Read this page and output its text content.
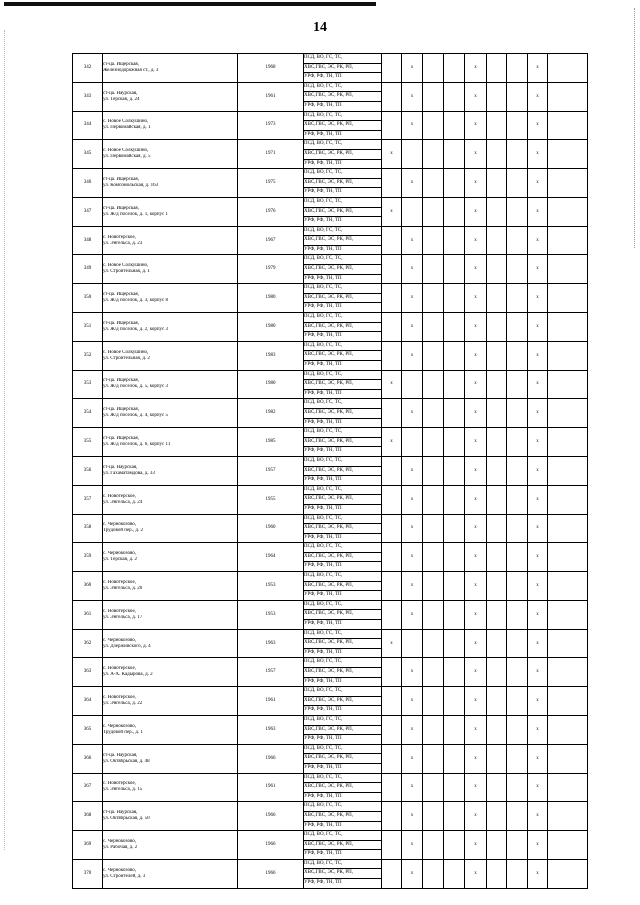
14
342	ст-ца. Ищерская,
Железнодорожная ст., д. 3	1968	ПСД, ВО, ГС, ТС,
ХВС,ГВС, ЭС, РК, РП,
УРФ, РФ, ТН, ТП		x			x			x	
343	ст-ца. Наурская,
ул. Терская, д. 24	1961	ПСД, ВО, ГС, ТС,
ХВС,ГВС, ЭС, РК, РП,
УРФ, РФ, ТН, ТП		x			x			x	
344	с. Новое Солкушино,
ул. Первомайская, д. 1	1973	ПСД, ВО, ГС, ТС,
ХВС,ГВС, ЭС, РК, РП,
УРФ, РФ, ТН, ТП		x			x			x	
345	с. Новое Солкушино,
ул. Первомайская, д. 5	1971	ПСД, ВО, ГС, ТС,
ХВС,ГВС, ЭС, РК, РП,
УРФ, РФ, ТН, ТП	x				x			x	
346	ст-ца. Ищерская,
ул. Комсомольская, д. 163	1975	ПСД, ВО, ГС, ТС,
ХВС,ГВС, ЭС, РК, РП,
УРФ, РФ, ТН, ТП		x			x			x	
347	ст-ца. Ищерская,
ул. Ж/д поселок, д. 1, корпус 1	1976	ПСД, ВО, ГС, ТС,
ХВС,ГВС, ЭС, РК, РП,
УРФ, РФ, ТН, ТП	x				x			x	
348	с. Новотерское,
ул. Энгельса, д. 23	1967	ПСД, ВО, ГС, ТС,
ХВС,ГВС, ЭС, РК, РП,
УРФ, РФ, ТН, ТП		x			x			x	
349	с. Новое Солкушино,
ул. Строительная, д. 1	1979	ПСД, ВО, ГС, ТС,
ХВС,ГВС, ЭС, РК, РП,
УРФ, РФ, ТН, ТП		x			x			x	
350	ст-ца. Ищерская,
ул. Ж/д поселок, д. 3, корпус 8	1980	ПСД, ВО, ГС, ТС,
ХВС,ГВС, ЭС, РК, РП,
УРФ, РФ, ТН, ТП		x			x			x	
351	ст-ца. Ищерская,
ул. Ж/д поселок, д. 2, корпус 3	1980	ПСД, ВО, ГС, ТС,
ХВС,ГВС, ЭС, РК, РП,
УРФ, РФ, ТН, ТП		x			x			x	
352	с. Новое Солкушино,
ул. Строительная, д. 2	1983	ПСД, ВО, ГС, ТС,
ХВС,ГВС, ЭС, РК, РП,
УРФ, РФ, ТН, ТП		x			x			x	
353	ст-ца. Ищерская,
ул. Ж/д поселок, д. 5, корпус 3	1980	ПСД, ВО, ГС, ТС,
ХВС,ГВС, ЭС, РК, РП,
УРФ, РФ, ТН, ТП	x				x			x	
354	ст-ца. Ищерская,
ул. Ж/д поселок, д. 4, корпус 5	1982	ПСД, ВО, ГС, ТС,
ХВС,ГВС, ЭС, РК, РП,
УРФ, РФ, ТН, ТП		x			x			x	
355	ст-ца. Ищерская,
ул. Ж/д поселок, д. 6, корпус 11	1985	ПСД, ВО, ГС, ТС,
ХВС,ГВС, ЭС, РК, РП,
УРФ, РФ, ТН, ТП	x				x			x	
356	ст-ца. Наурская,
ул. Гахаматамдова, д. 33	1957	ПСД, ВО, ГС, ТС,
ХВС,ГВС, ЭС, РК, РП,
УРФ, РФ, ТН, ТП		x			x			x	
357	с. Новотерское,
ул. Энгельса, д. 24	1955	ПСД, ВО, ГС, ТС,
ХВС,ГВС, ЭС, РК, РП,
УРФ, РФ, ТН, ТП		x			x			x	
358	с. Чернокозово,
Трудовой пер., д. 2	1960	ПСД, ВО, ГС, ТС,
ХВС,ГВС, ЭС, РК, РП,
УРФ, РФ, ТН, ТП		x			x			x	
359	с. Чернокозово,
ул. Терская, д. 2	1964	ПСД, ВО, ГС, ТС,
ХВС,ГВС, ЭС, РК, РП,
УРФ, РФ, ТН, ТП		x			x			x	
360	с. Новотерское,
ул. Энгельса, д. 20	1953	ПСД, ВО, ГС, ТС,
ХВС,ГВС, ЭС, РК, РП,
УРФ, РФ, ТН, ТП		x			x			x	
361	с. Новотерское,
ул. Энгельса, д. 17	1953	ПСД, ВО, ГС, ТС,
ХВС,ГВС, ЭС, РК, РП,
УРФ, РФ, ТН, ТП		x			x			x	
362	с. Чернокозово,
ул. Дзержинского, д. 4	1963	ПСД, ВО, ГС, ТС,
ХВС,ГВС, ЭС, РК, РП,
УРФ, РФ, ТН, ТП	x				x			x	
363	с. Новотерское,
ул. А-Х. Кадырова, д. 2	1957	ПСД, ВО, ГС, ТС,
ХВС,ГВС, ЭС, РК, РП,
УРФ, РФ, ТН, ТП		x			x			x	
364	с. Новотерское,
ул. Энгельса, д. 22	1961	ПСД, ВО, ГС, ТС,
ХВС,ГВС, ЭС, РК, РП,
УРФ, РФ, ТН, ТП		x			x			x	
365	с. Чернокозово,
Трудовой пер., д. 1	1963	ПСД, ВО, ГС, ТС,
ХВС,ГВС, ЭС, РК, РП,
УРФ, РФ, ТН, ТП		x			x			x	
366	ст-ца. Наурская,
ул. Октябрьская, д. 48	1966	ПСД, ВО, ГС, ТС,
ХВС,ГВС, ЭС, РК, РП,
УРФ, РФ, ТН, ТП		x			x			x	
367	с. Новотерское,
ул. Энгельса, д. 15	1961	ПСД, ВО, ГС, ТС,
ХВС,ГВС, ЭС, РК, РП,
УРФ, РФ, ТН, ТП		x			x			x	
368	ст-ца. Наурская,
ул. Октябрьская, д. 50	1966	ПСД, ВО, ГС, ТС,
ХВС,ГВС, ЭС, РК, РП,
УРФ, РФ, ТН, ТП		x			x			x	
369	с. Чернокозово,
ул. Рабочая, д. 2	1966	ПСД, ВО, ГС, ТС,
ХВС,ГВС, ЭС, РК, РП,
УРФ, РФ, ТН, ТП		x			x			x	
370	с. Чернокозово,
ул. Строителей, д. 3	1966	ПСД, ВО, ГС, ТС,
ХВС,ГВС, ЭС, РК, РП,
УРФ, РФ, ТН, ТП		x			x			x	
